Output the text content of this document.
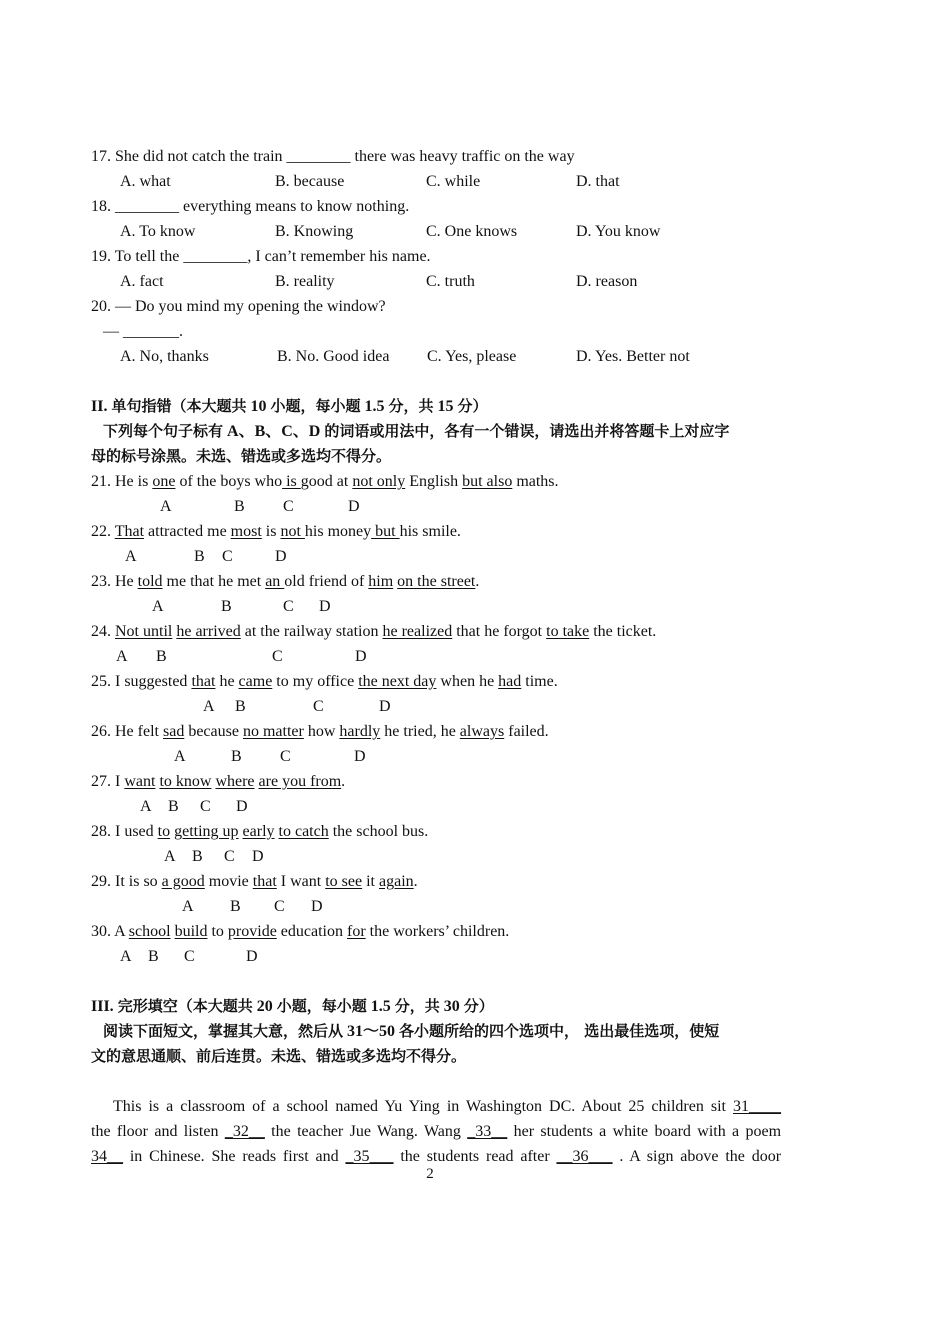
17. She did not catch the train ________ there was heavy traffic on the way

A. what

	B. because

	C. while

	D. that

18. ________ everything means to know nothing.

A. To know

	B. Knowing

	C. One knows

	D. You know

19. To tell the ________, I can’t remember his name.

A. fact

	B. reality

	C. truth

	D. reason

20. — Do you mind my opening the window?
— _______.

A. No, thanks

	B. No. Good idea

C. Yes, please

	D. Yes. Better not

II. 单句指错（本大题共 10 小题，每小题 1.5 分，共 15 分）
下列每个句子标有 A、B、C、D 的词语或用法中，各有一个错误，请选出并将答题卡上对应字
母的标号涂黑。未选、错选或多选均不得分。
21. He is one of the boys who is good at not only English but also maths.
A	B C	D
22. That attracted me most is not his money but his smile.
A	B C	D
23. He told me that he met an old friend of him on the street.
A	B	C D
24. Not until he arrived at the railway station he realized that he forgot to take the ticket.
A B	C	D
25. I suggested that he came to my office the next day when he had time.
A B	C	D
26. He felt sad because no matter how hardly he tried, he always failed.
A	B C	D
27. I want to know where are you from.
A B C D
28. I used to getting up early to catch the school bus.
A B C D
29. It is so a good movie that I want to see it again.
A B C D
30. A school build to provide education for the workers’ children.
A B C	D
III. 完形填空（本大题共 20 小题，每小题 1.5 分，共 30 分）
阅读下面短文，掌握其大意，然后从 31～50 各小题所给的四个选项中， 选出最佳选项，使短
文的意思通顺、前后连贯。未选、错选或多选均不得分。
This is a classroom of a school named Yu Ying in Washington DC. About 25 children sit 31____
the floor and listen _32__ the teacher Jue Wang. Wang _33__ her students a white board with a poem
34__ in Chinese. She reads first and _35___ the students read after __36___ . A sign above the door
2
